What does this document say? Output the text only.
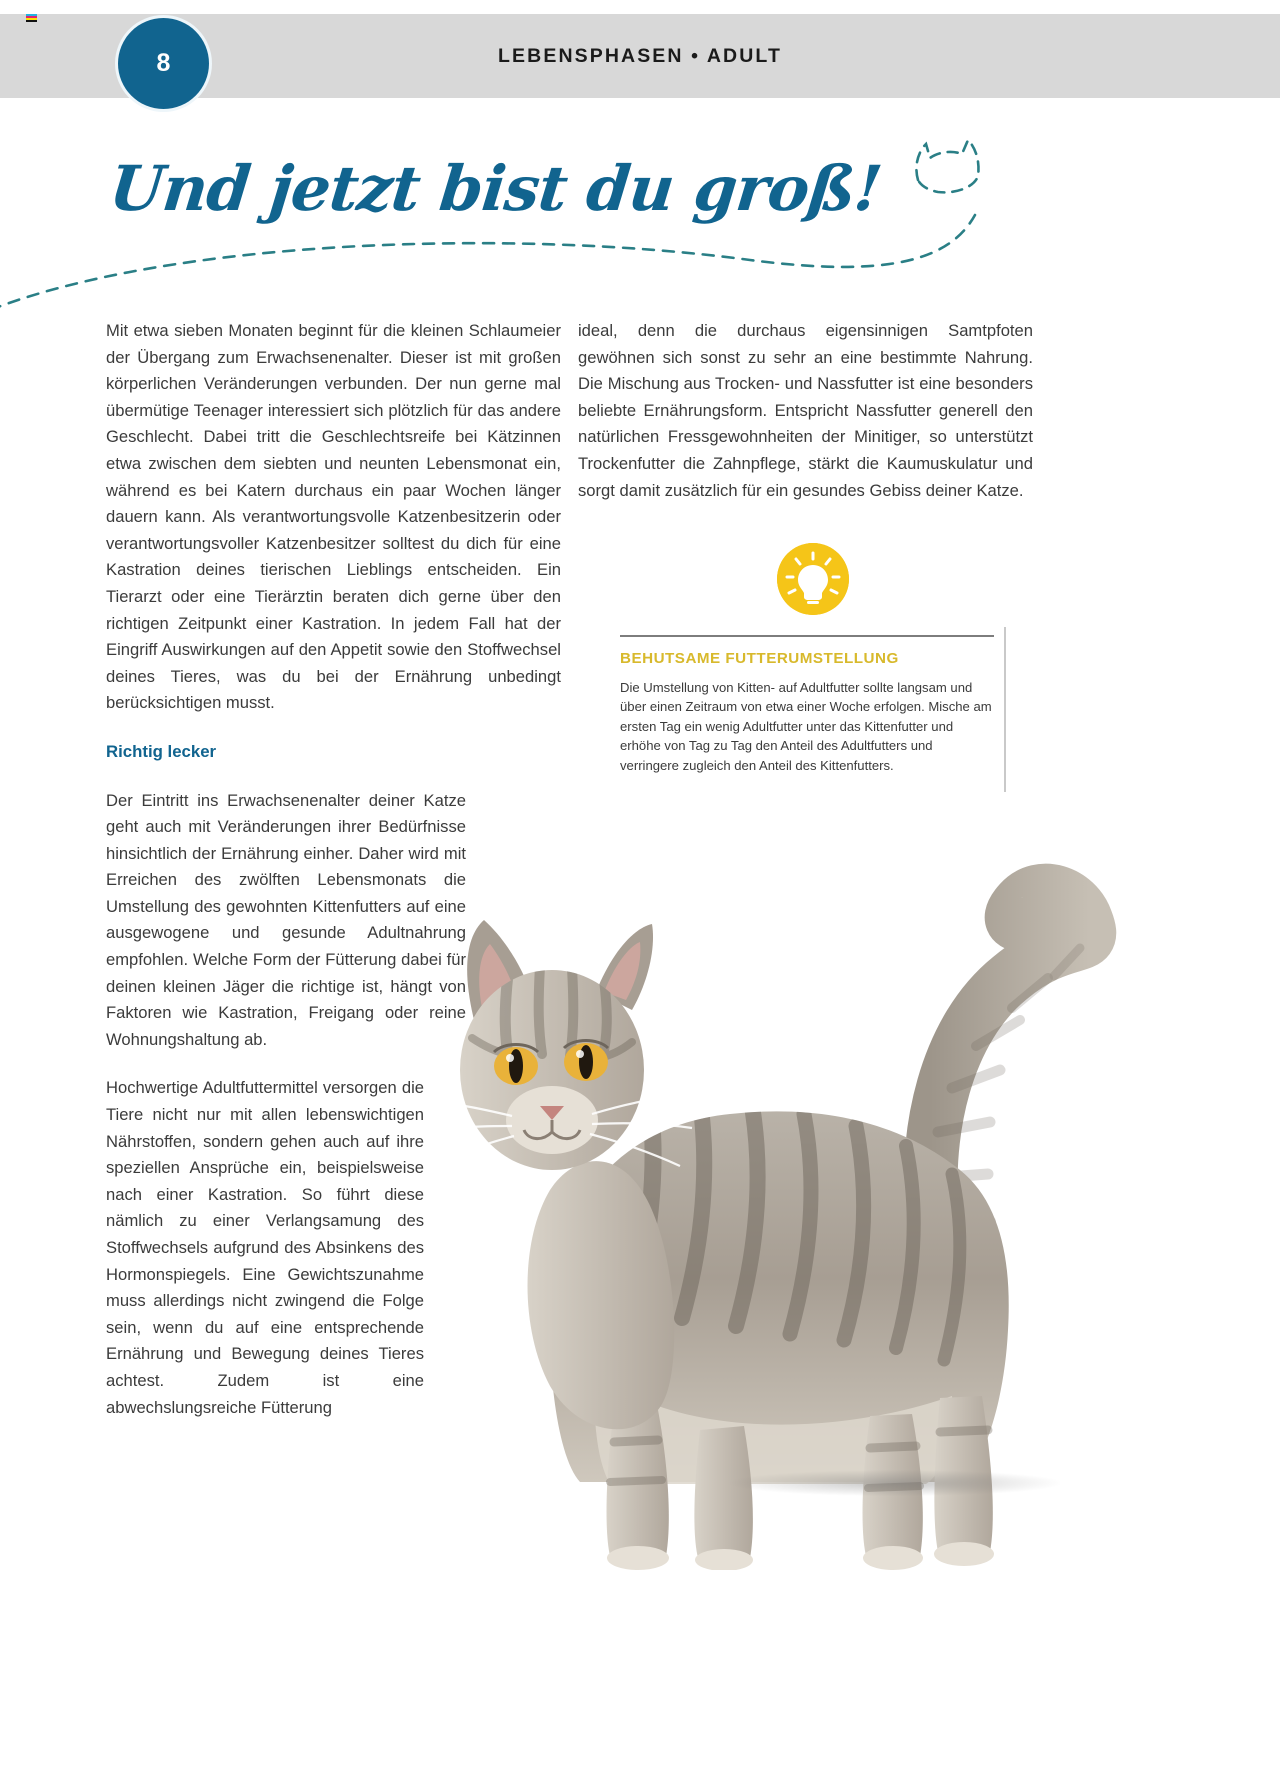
LEBENSPHASEN • ADULT
8
Und jetzt bist du groß!

Mit etwa sieben Monaten beginnt für die kleinen Schlaumeier der Übergang zum Erwachsenenalter. Dieser ist mit großen körperlichen Veränderungen verbunden. Der nun gerne mal übermütige Teenager interessiert sich plötzlich für das andere Geschlecht. Dabei tritt die Geschlechtsreife bei Kätzinnen etwa zwischen dem siebten und neunten Lebensmonat ein, während es bei Katern durchaus ein paar Wochen länger dauern kann. Als verantwortungsvolle Katzenbesitzerin oder verantwortungsvoller Katzenbesitzer solltest du dich für eine Kastration deines tierischen Lieblings entscheiden. Ein Tierarzt oder eine Tierärztin beraten dich gerne über den richtigen Zeitpunkt einer Kastration. In jedem Fall hat der Eingriff Auswirkungen auf den Appetit sowie den Stoffwechsel deines Tieres, was du bei der Ernährung unbedingt berücksichtigen musst.

Richtig lecker

Der Eintritt ins Erwachsenenalter deiner Katze geht auch mit Veränderungen ihrer Bedürfnisse hinsichtlich der Ernährung einher. Daher wird mit Erreichen des zwölften Lebensmonats die Umstellung des gewohnten Kittenfutters auf eine ausgewogene und gesunde Adultnahrung empfohlen. Welche Form der Fütterung dabei für deinen kleinen Jäger die richtige ist, hängt von Faktoren wie Kastration, Freigang oder reine Wohnungshaltung ab.

Hochwertige Adultfuttermittel versorgen die Tiere nicht nur mit allen lebenswichtigen Nährstoffen, sondern gehen auch auf ihre speziellen Ansprüche ein, beispielsweise nach einer Kastration. So führt diese nämlich zu einer Verlangsamung des Stoffwechsels aufgrund des Absinkens des Hormonspiegels. Eine Gewichtszunahme muss allerdings nicht zwingend die Folge sein, wenn du auf eine entsprechende Ernährung und Bewegung deines Tieres achtest. Zudem ist eine abwechslungsreiche Fütterung

ideal, denn die durchaus eigensinnigen Samtpfoten gewöhnen sich sonst zu sehr an eine bestimmte Nahrung. Die Mischung aus Trocken- und Nassfutter ist eine besonders beliebte Ernährungsform. Entspricht Nassfutter generell den natürlichen Fressgewohnheiten der Minitiger, so unterstützt Trockenfutter die Zahnpflege, stärkt die Kaumuskulatur und sorgt damit zusätzlich für ein gesundes Gebiss deiner Katze.

BEHUTSAME FUTTERUMSTELLUNG

Die Umstellung von Kitten- auf Adultfutter sollte langsam und über einen Zeitraum von etwa einer Woche erfolgen. Mische am ersten Tag ein wenig Adultfutter unter das Kittenfutter und erhöhe von Tag zu Tag den Anteil des Adultfutters und verringere zugleich den Anteil des Kittenfutters.
